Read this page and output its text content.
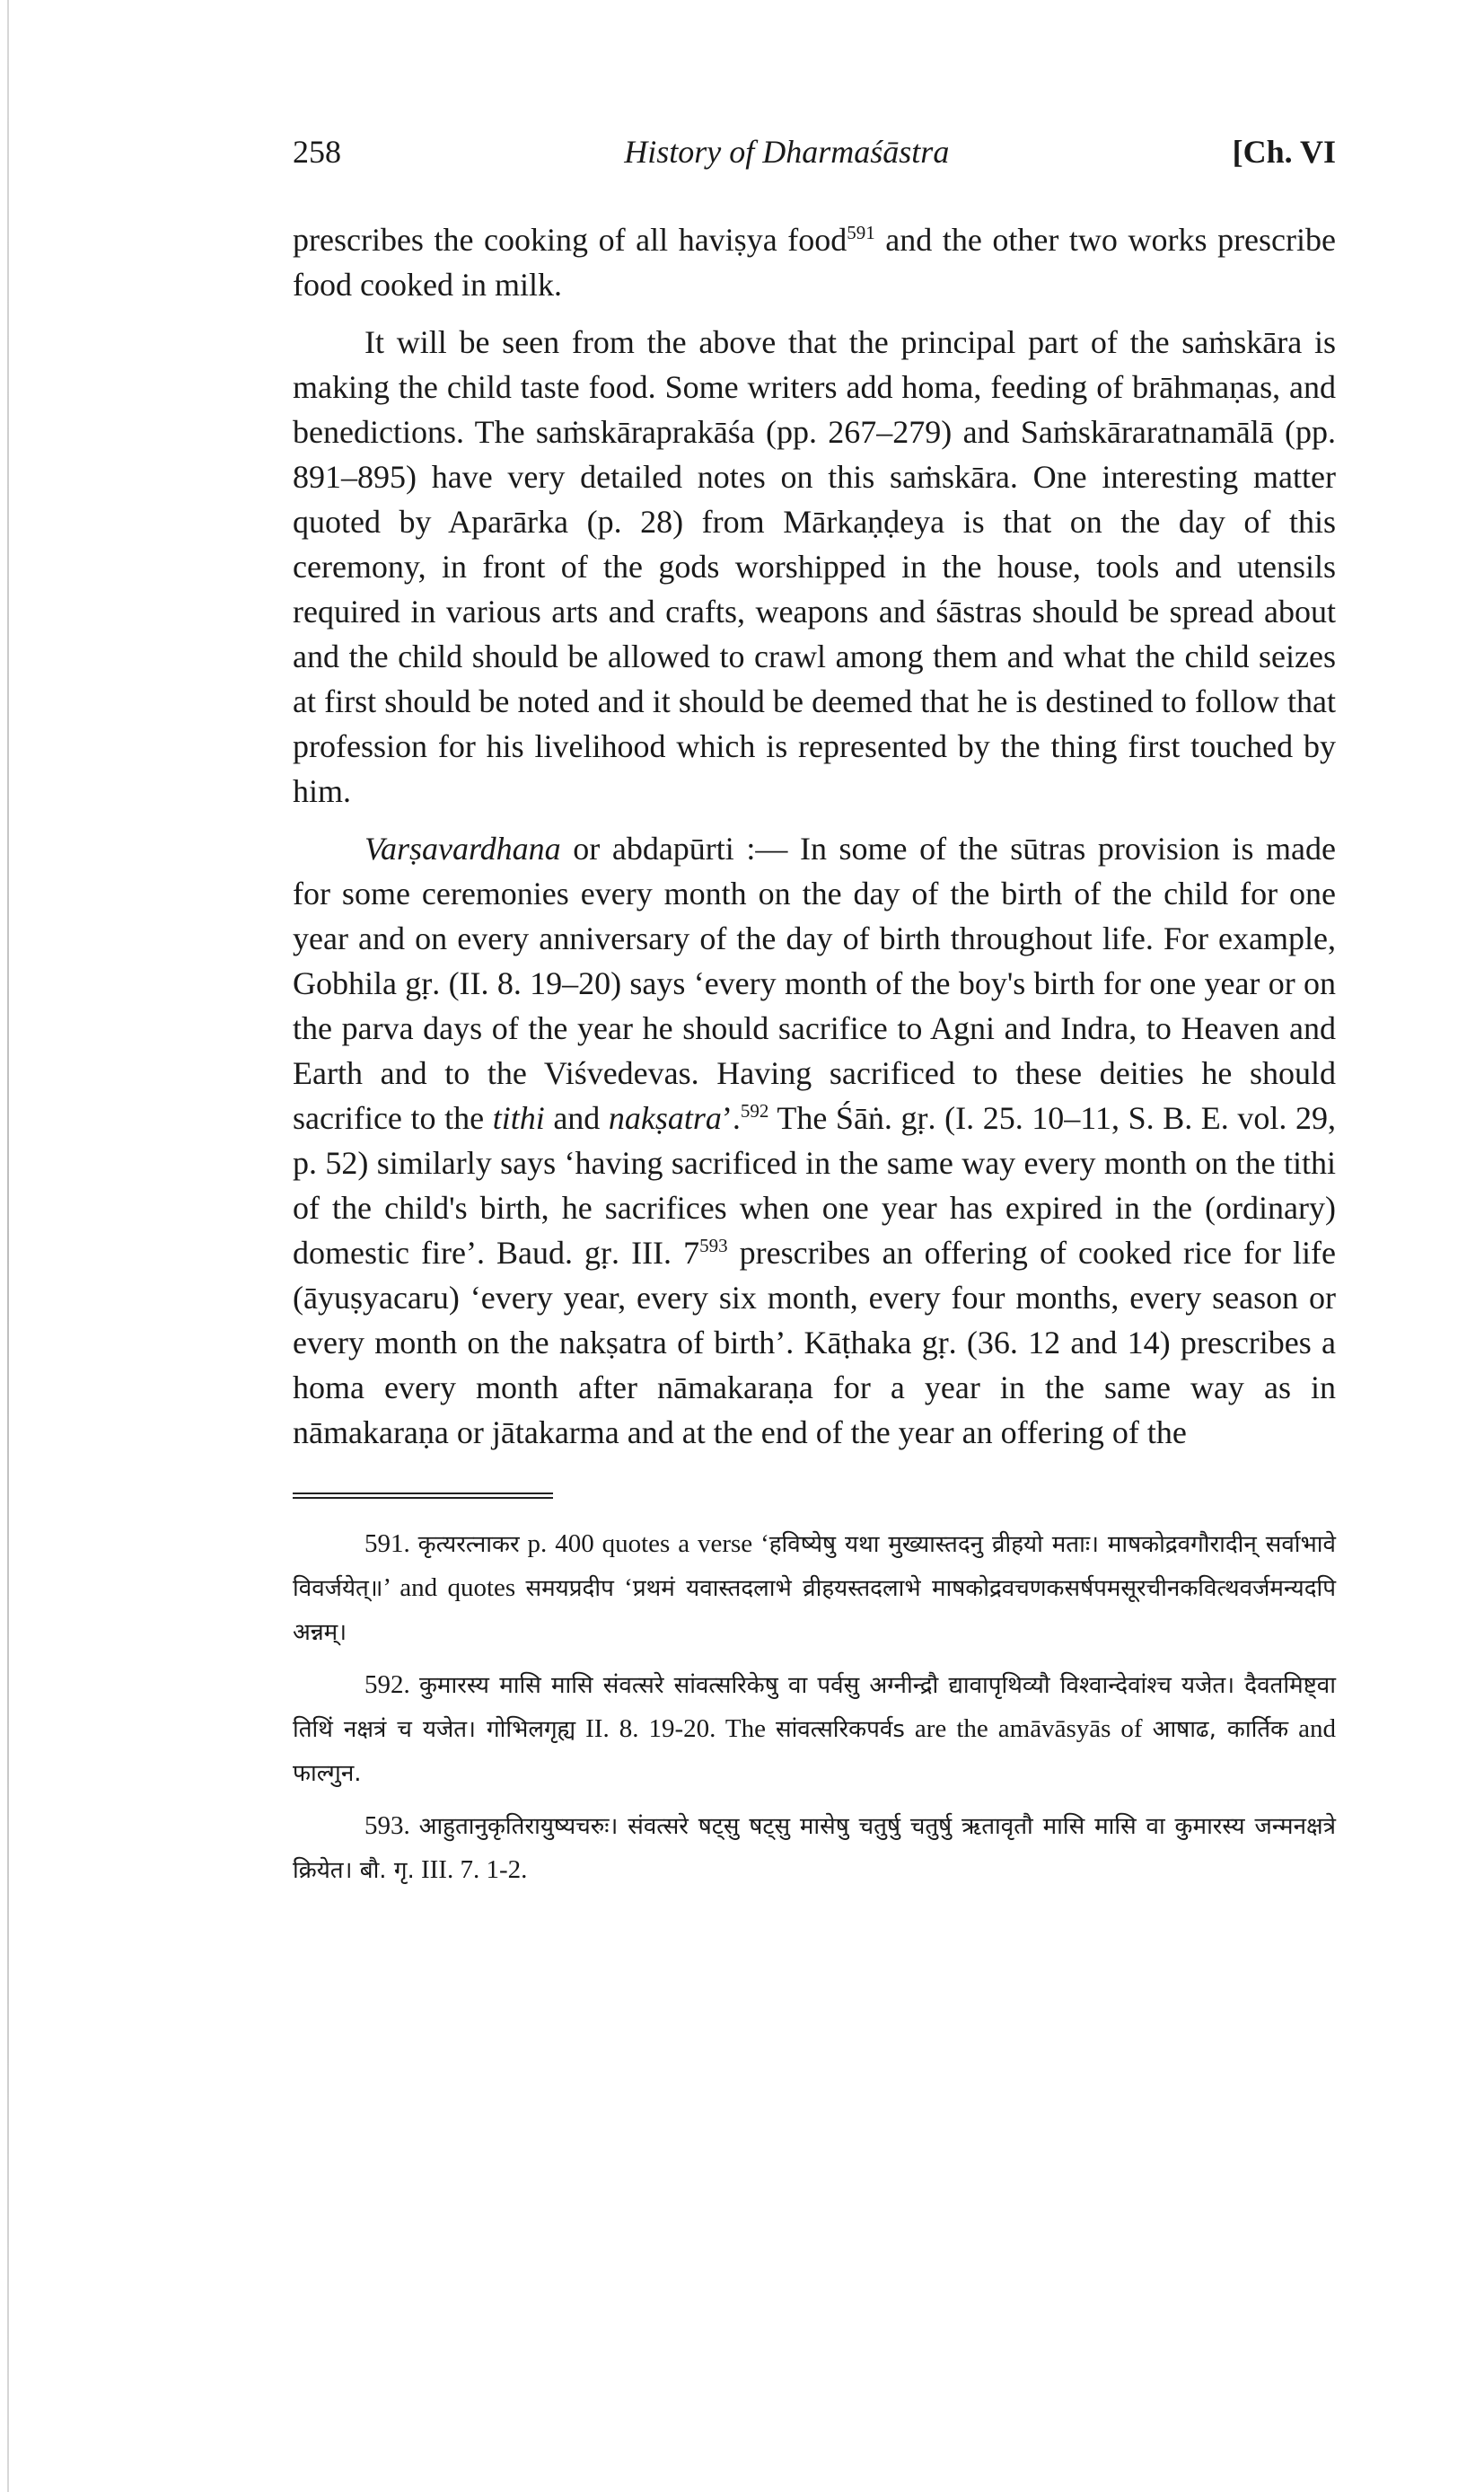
258	History of Dharmaśāstra	[Ch. VI

prescribes the cooking of all haviṣya food$^{591}$ and the other two works prescribe food cooked in milk.

It will be seen from the above that the principal part of the saṁskāra is making the child taste food. Some writers add homa, feeding of brāhmaṇas, and benedictions. The saṁskāraprakāśa (pp. 267–279) and Saṁskāraratnamālā (pp. 891–895) have very detailed notes on this saṁskāra. One interesting matter quoted by Aparārka (p. 28) from Mārkaṇḍeya is that on the day of this ceremony, in front of the gods worshipped in the house, tools and utensils required in various arts and crafts, weapons and śāstras should be spread about and the child should be allowed to crawl among them and what the child seizes at first should be noted and it should be deemed that he is destined to follow that profession for his livelihood which is represented by the thing first touched by him.

Varṣavardhana or abdapūrti :— In some of the sūtras provision is made for some ceremonies every month on the day of the birth of the child for one year and on every anniversary of the day of birth throughout life. For example, Gobhila gṛ. (II. 8. 19–20) says ‘every month of the boy's birth for one year or on the parva days of the year he should sacrifice to Agni and Indra, to Heaven and Earth and to the Viśvedevas. Having sacrificed to these deities he should sacrifice to the tithi and nakṣatra’.$^{592}$ The Śāṅ. gṛ. (I. 25. 10–11, S. B. E. vol. 29, p. 52) similarly says ‘having sacrificed in the same way every month on the tithi of the child's birth, he sacrifices when one year has expired in the (ordinary) domestic fire’. Baud. gṛ. III. $7^{593}$ prescribes an offering of cooked rice for life (āyuṣyacaru) ‘every year, every six month, every four months, every season or every month on the nakṣatra of birth’. Kāṭhaka gṛ. (36. 12 and 14) prescribes a homa every month after nāmakaraṇa for a year in the same way as in nāmakaraṇa or jātakarma and at the end of the year an offering of the

591. कृत्यरत्नाकर p. 400 quotes a verse ‘हविष्येषु यथा मुख्यास्तदनु व्रीहयो मताः। माषकोद्रवगौरादीन् सर्वाभावे विवर्जयेत्॥’ and quotes समयप्रदीप ‘प्रथमं यवास्तदलाभे व्रीहयस्तदलाभे माषकोद्रवचणकसर्षपमसूरचीनकवित्थवर्जमन्यदपि अन्नम्।

592. कुमारस्य मासि मासि संवत्सरे सांवत्सरिकेषु वा पर्वसु अग्नीन्द्रौ द्यावापृथिव्यौ विश्वान्देवांश्च यजेत। दैवतमिष्ट्वा तिथिं नक्षत्रं च यजेत। गोभिलगृह्य II. 8. 19-20. The सांवत्सरिकपर्वs are the amāvāsyās of आषाढ, कार्तिक and फाल्गुन.

593. आहुतानुकृतिरायुष्यचरुः। संवत्सरे षट्सु षट्सु मासेषु चतुर्षु चतुर्षु ऋतावृतौ मासि मासि वा कुमारस्य जन्मनक्षत्रे क्रियेत। बौ. गृ. III. 7. 1-2.
